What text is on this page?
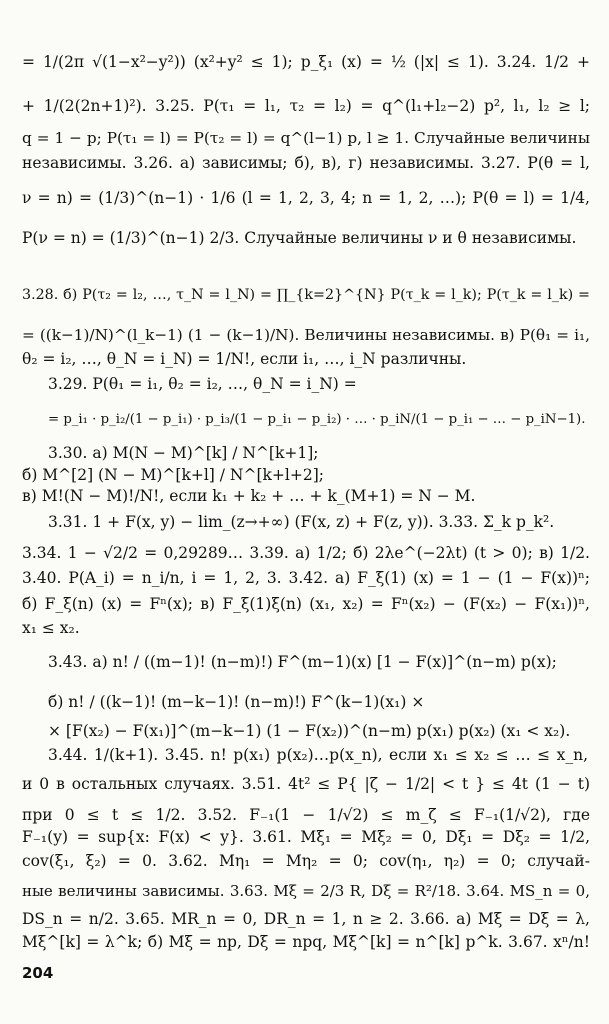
= 1/(2π √(1−x²−y²)) (x²+y² ≤ 1); p_ξ₁ (x) = ½ (|x| ≤ 1). 3.24. 1/2 +
+ 1/(2(2n+1)²). 3.25. P(τ₁ = l₁, τ₂ = l₂) = q^(l₁+l₂−2) p², l₁, l₂ ≥ l;
q = 1 − p; P(τ₁ = l) = P(τ₂ = l) = q^(l−1) p, l ≥ 1. Случайные величины
независимы. 3.26. а) зависимы; б), в), г) независимы. 3.27. P(θ = l,
ν = n) = (1/3)^(n−1) · 1/6 (l = 1, 2, 3, 4; n = 1, 2, …); P(θ = l) = 1/4,
P(ν = n) = (1/3)^(n−1) 2/3. Случайные величины ν и θ независимы.
3.28. б) P(τ₂ = l₂, …, τ_N = l_N) = ∏_{k=2}^{N} P(τ_k = l_k); P(τ_k = l_k) =
= ((k−1)/N)^(l_k−1) (1 − (k−1)/N). Величины независимы. в) P(θ₁ = i₁,
θ₂ = i₂, …, θ_N = i_N) = 1/N!, если i₁, …, i_N различны.
3.29. P(θ₁ = i₁, θ₂ = i₂, …, θ_N = i_N) =
= p_i₁ · p_i₂/(1 − p_i₁) · p_i₃/(1 − p_i₁ − p_i₂) · … · p_iN/(1 − p_i₁ − … − p_iN−1).
3.30. а) M(N − M)^[k] / N^[k+1];
б) M^[2] (N − M)^[k+l] / N^[k+l+2];
в) M!(N − M)!/N!, если k₁ + k₂ + … + k_(M+1) = N − M.
3.31. 1 + F(x, y) − lim_(z→+∞) (F(x, z) + F(z, y)). 3.33. Σ_k p_k².
3.34. 1 − √2/2 = 0,29289… 3.39. а) 1/2; б) 2λe^(−2λt) (t > 0); в) 1/2.
3.40. P(A_i) = n_i/n, i = 1, 2, 3. 3.42. а) F_ξ(1) (x) = 1 − (1 − F(x))ⁿ;
б) F_ξ(n) (x) = Fⁿ(x); в) F_ξ(1)ξ(n) (x₁, x₂) = Fⁿ(x₂) − (F(x₂) − F(x₁))ⁿ,
x₁ ≤ x₂.
3.43. а) n! / ((m−1)! (n−m)!) F^(m−1)(x) [1 − F(x)]^(n−m) p(x);
б) n! / ((k−1)! (m−k−1)! (n−m)!) F^(k−1)(x₁) ×
× [F(x₂) − F(x₁)]^(m−k−1) (1 − F(x₂))^(n−m) p(x₁) p(x₂) (x₁ < x₂).
3.44. 1/(k+1). 3.45. n! p(x₁) p(x₂)…p(x_n), если x₁ ≤ x₂ ≤ … ≤ x_n,
и 0 в остальных случаях. 3.51. 4t² ≤ P{ |ζ − 1/2| < t } ≤ 4t (1 − t)
при 0 ≤ t ≤ 1/2. 3.52. F₋₁(1 − 1/√2) ≤ m_ζ ≤ F₋₁(1/√2), где
F₋₁(y) = sup{x: F(x) < y}. 3.61. Mξ₁ = Mξ₂ = 0, Dξ₁ = Dξ₂ = 1/2,
cov(ξ₁, ξ₂) = 0. 3.62. Mη₁ = Mη₂ = 0; cov(η₁, η₂) = 0; случай-
ные величины зависимы. 3.63. Mξ = 2/3 R, Dξ = R²/18. 3.64. MS_n = 0,
DS_n = n/2. 3.65. MR_n = 0, DR_n = 1, n ≥ 2. 3.66. а) Mξ = Dξ = λ,
Mξ^[k] = λ^k; б) Mξ = np, Dξ = npq, Mξ^[k] = n^[k] p^k. 3.67. xⁿ/n!
204
